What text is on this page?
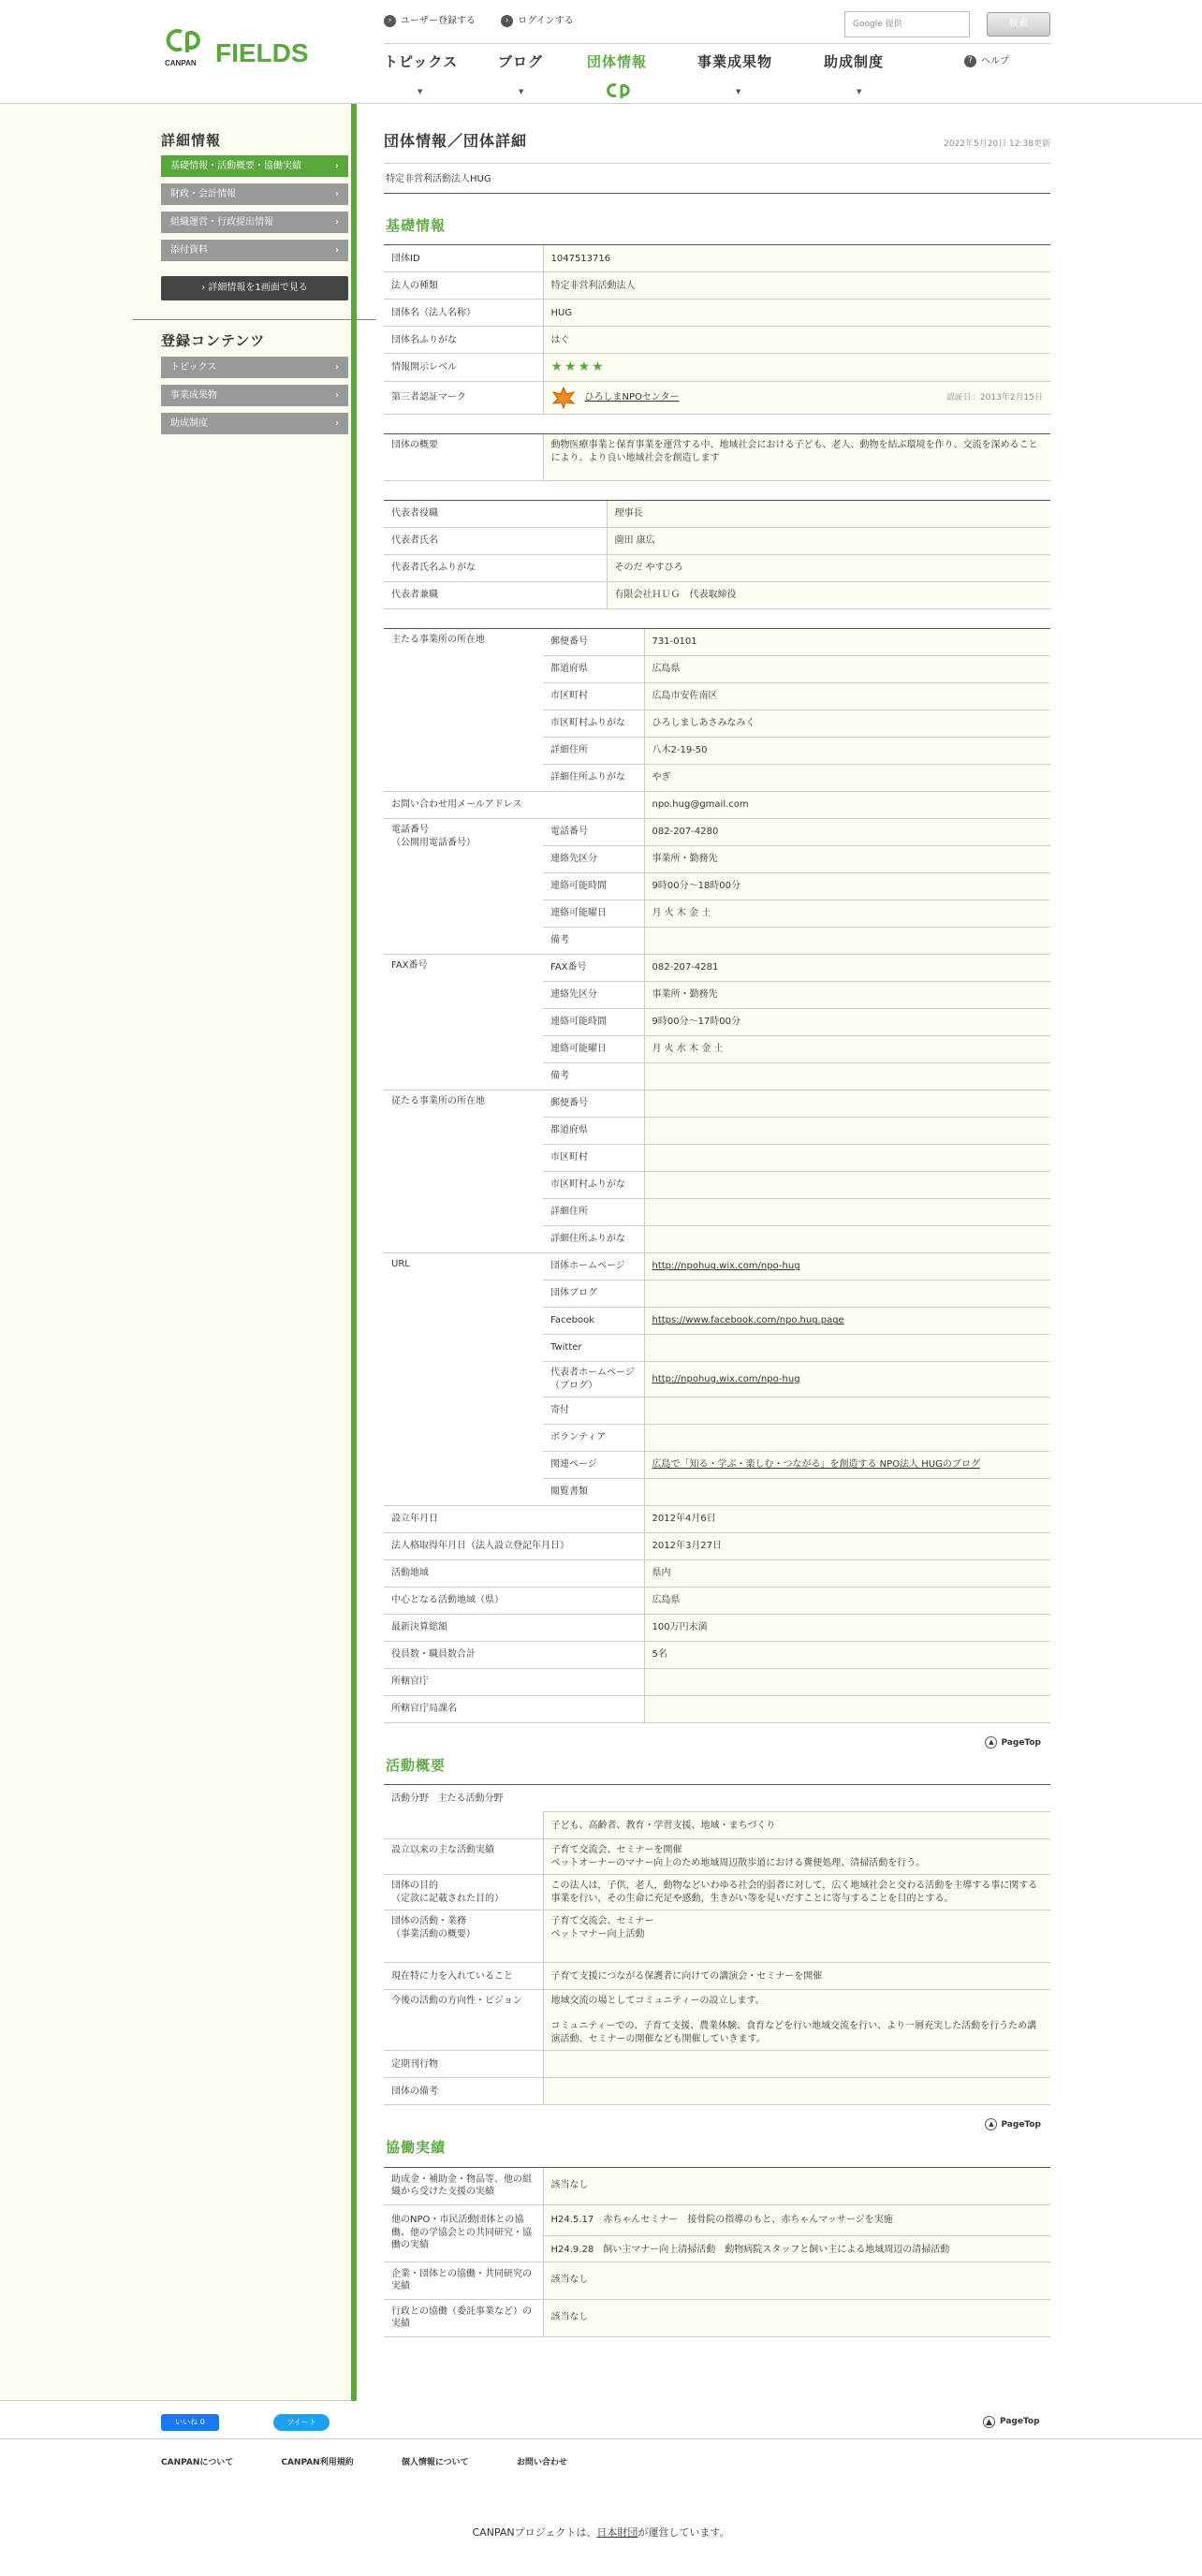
CANPAN FIELDS
› ユーザー登録する
	› ログインする	Google 提供	検索
トピックス
▼
ブログ
▼
団体情報	事業成果物
▼
助成制度
▼
? ヘルプ
詳細情報
基礎情報・活動概要・協働実績 ›
財政・会計情報 ›
組織運営・行政提出情報 ›
添付資料 ›
› 詳細情報を1画面で見る
登録コンテンツ
トピックス ›
事業成果物 ›
助成制度 ›
団体情報／団体詳細	2022年5月20日 12:38更新
特定非営利活動法人HUG
基礎情報
団体ID	1047513716
法人の種類	特定非営利活動法人
団体名（法人名称）	HUG
団体名ふりがな	はぐ
情報開示レベル	★★★★
第三者認証マーク	ひろしまNPOセンター 認証日：2013年2月15日
団体の概要	動物医療事業と保育事業を運営する中、地域社会における子ども、老人、動物を結ぶ環境を作り、交流を深めることにより、より良い地域社会を創造します
代表者役職	理事長
代表者氏名	薗田 康広
代表者氏名ふりがな	そのだ やすひろ
代表者兼職	有限会社ＨＵＧ　代表取締役
主たる事業所の所在地	郵便番号	731-0101
	都道府県	広島県
	市区町村	広島市安佐南区
	市区町村ふりがな	ひろしましあさみなみく
	詳細住所	八木2-19-50
	詳細住所ふりがな	やぎ
お問い合わせ用メールアドレス		npo.hug@gmail.com

電話番号
（公開用電話番号）	電話番号	082-207-4280
	連絡先区分	事業所・勤務先
	連絡可能時間	9時00分～18時00分
	連絡可能曜日	月 火 木 金 土
	備考	

FAX番号	FAX番号	082-207-4281
	連絡先区分	事業所・勤務先
	連絡可能時間	9時00分～17時00分
	連絡可能曜日	月 火 水 木 金 土
	備考	

従たる事業所の所在地	郵便番号	
	都道府県	
	市区町村	
	市区町村ふりがな	
	詳細住所	
	詳細住所ふりがな	

URL	団体ホームページ	http://npohug.wix.com/npo-hug
	団体ブログ	
	Facebook	https://www.facebook.com/npo.hug.page
	Twitter	
	代表者ホームページ（ブログ）	http://npohug.wix.com/npo-hug
	寄付	
	ボランティア	
	関連ページ	広島で「知る・学ぶ・楽しむ・つながる」を創造する NPO法人 HUGのブログ
	閲覧書類	
設立年月日		2012年4月6日
法人格取得年月日（法人設立登記年月日）		2012年3月27日
活動地域		県内
中心となる活動地域（県）		広島県
最新決算総額		100万円未満
役員数・職員数合計		5名
所轄官庁		
所轄官庁局課名		
▲ PageTop
活動概要
活動分野 主たる活動分野	
	子ども、高齢者、教育・学習支援、地域・まちづくり
設立以来の主な活動実績	子育て交流会、セミナーを開催
ペットオーナーのマナー向上のため地域周辺散歩道における糞便処理、清掃活動を行う。
団体の目的
（定款に記載された目的）	この法人は，子供，老人，動物などいわゆる社会的弱者に対して，広く地域社会と交わる活動を主導する事に関する事業を行い，その生命に充足や感動，生きがい等を見いだすことに寄与することを目的とする。
団体の活動・業務
（事業活動の概要）	子育て交流会、セミナー
ペットマナー向上活動
現在特に力を入れていること	子育て支援につながる保護者に向けての講演会・セミナーを開催
今後の活動の方向性・ビジョン	地域交流の場としてコミュニティーの設立します。

コミュニティーでの、子育て支援、農業体験、食育などを行い地域交流を行い、より一層充実した活動を行うため講演活動、セミナーの開催なども開催していきます。
定期刊行物	
団体の備考	
▲ PageTop
協働実績
助成金・補助金・物品等、他の組織から受けた支援の実績	該当なし
他のNPO・市民活動団体との協働、他の学協会との共同研究・協働の実績	H24.5.17　赤ちゃんセミナー　接骨院の指導のもと、赤ちゃんマッサージを実施
H24.9.28　飼い主マナー向上清掃活動　動物病院スタッフと飼い主による地域周辺の清掃活動

企業・団体との協働・共同研究の実績	該当なし
行政との協働（委託事業など）の実績	該当なし
いいね 0	ツイート	▲ PageTop
CANPANについて	CANPAN利用規約	個人情報について	お問い合わせ
CANPANプロジェクトは、日本財団が運営しています。
